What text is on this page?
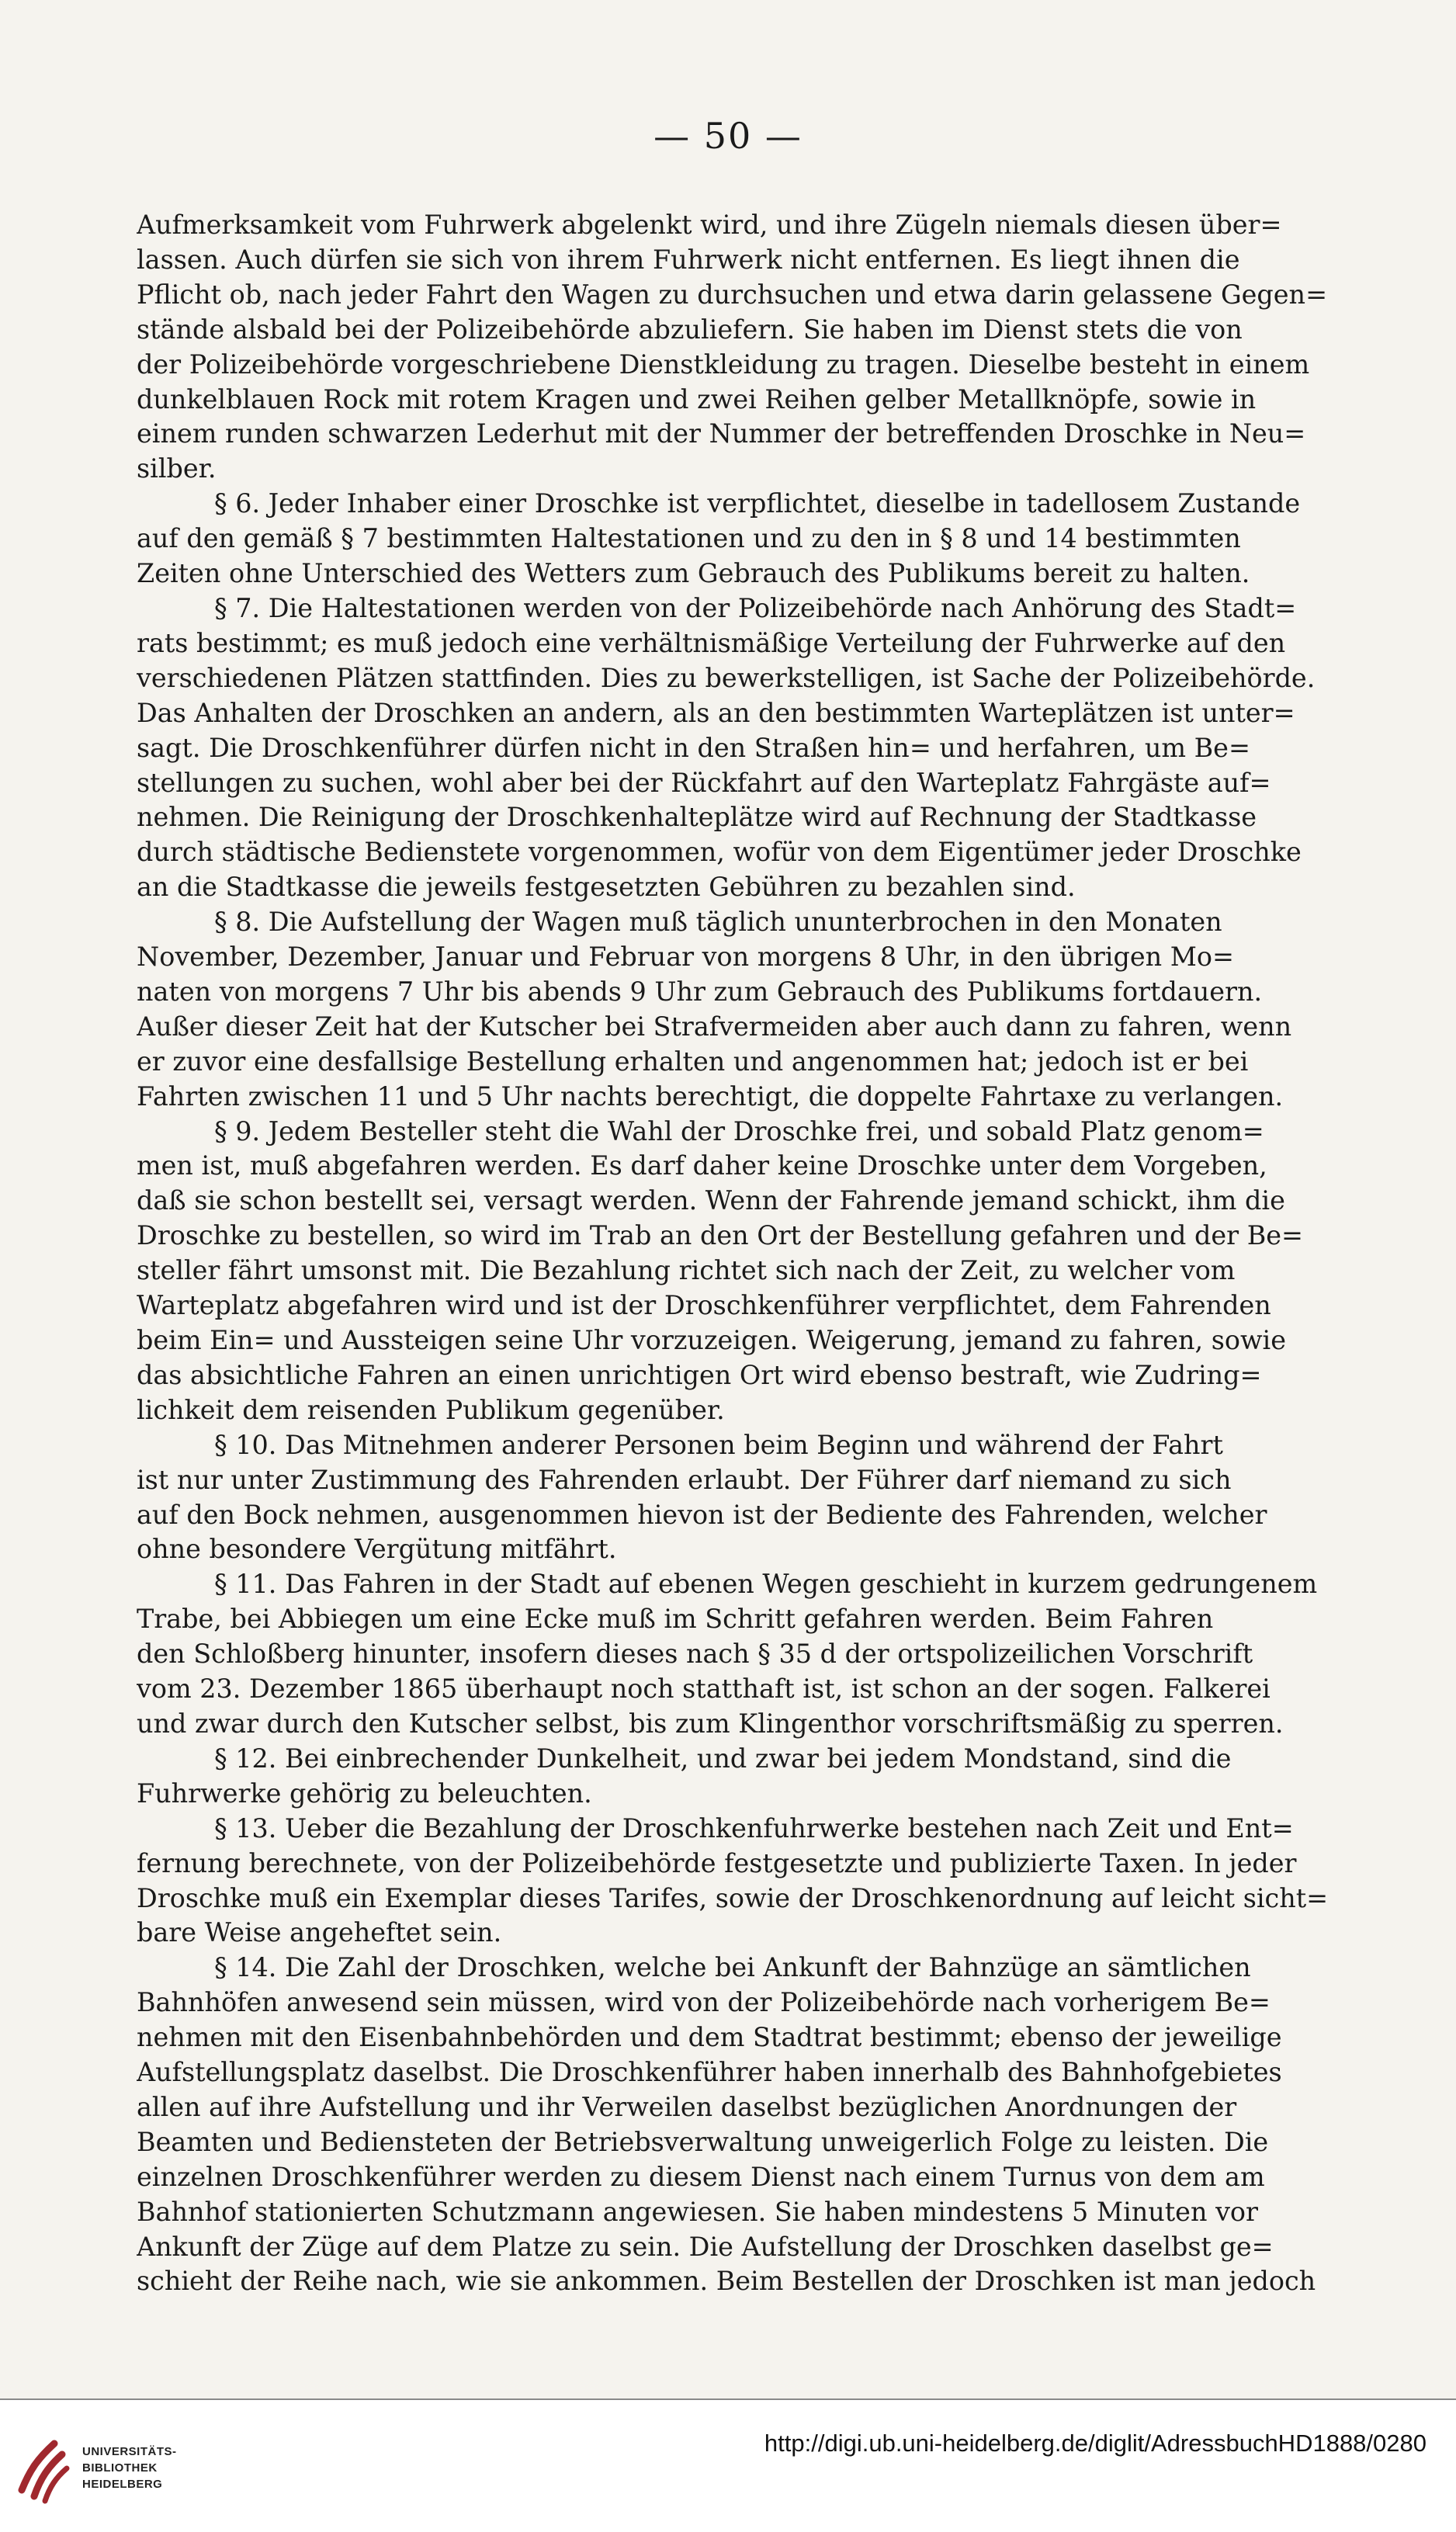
— 50 —
Aufmerksamkeit vom Fuhrwerk abgelenkt wird, und ihre Zügeln niemals diesen über=
lassen. Auch dürfen sie sich von ihrem Fuhrwerk nicht entfernen. Es liegt ihnen die
Pflicht ob, nach jeder Fahrt den Wagen zu durchsuchen und etwa darin gelassene Gegen=
stände alsbald bei der Polizeibehörde abzuliefern. Sie haben im Dienst stets die von
der Polizeibehörde vorgeschriebene Dienstkleidung zu tragen. Dieselbe besteht in einem
dunkelblauen Rock mit rotem Kragen und zwei Reihen gelber Metallknöpfe, sowie in
einem runden schwarzen Lederhut mit der Nummer der betreffenden Droschke in Neu=
silber.
§ 6. Jeder Inhaber einer Droschke ist verpflichtet, dieselbe in tadellosem Zustande
auf den gemäß § 7 bestimmten Haltestationen und zu den in § 8 und 14 bestimmten
Zeiten ohne Unterschied des Wetters zum Gebrauch des Publikums bereit zu halten.
§ 7. Die Haltestationen werden von der Polizeibehörde nach Anhörung des Stadt=
rats bestimmt; es muß jedoch eine verhältnismäßige Verteilung der Fuhrwerke auf den
verschiedenen Plätzen stattfinden. Dies zu bewerkstelligen, ist Sache der Polizeibehörde.
Das Anhalten der Droschken an andern, als an den bestimmten Warteplätzen ist unter=
sagt. Die Droschkenführer dürfen nicht in den Straßen hin= und herfahren, um Be=
stellungen zu suchen, wohl aber bei der Rückfahrt auf den Warteplatz Fahrgäste auf=
nehmen. Die Reinigung der Droschkenhalteplätze wird auf Rechnung der Stadtkasse
durch städtische Bedienstete vorgenommen, wofür von dem Eigentümer jeder Droschke
an die Stadtkasse die jeweils festgesetzten Gebühren zu bezahlen sind.
§ 8. Die Aufstellung der Wagen muß täglich ununterbrochen in den Monaten
November, Dezember, Januar und Februar von morgens 8 Uhr, in den übrigen Mo=
naten von morgens 7 Uhr bis abends 9 Uhr zum Gebrauch des Publikums fortdauern.
Außer dieser Zeit hat der Kutscher bei Strafvermeiden aber auch dann zu fahren, wenn
er zuvor eine desfallsige Bestellung erhalten und angenommen hat; jedoch ist er bei
Fahrten zwischen 11 und 5 Uhr nachts berechtigt, die doppelte Fahrtaxe zu verlangen.
§ 9. Jedem Besteller steht die Wahl der Droschke frei, und sobald Platz genom=
men ist, muß abgefahren werden. Es darf daher keine Droschke unter dem Vorgeben,
daß sie schon bestellt sei, versagt werden. Wenn der Fahrende jemand schickt, ihm die
Droschke zu bestellen, so wird im Trab an den Ort der Bestellung gefahren und der Be=
steller fährt umsonst mit. Die Bezahlung richtet sich nach der Zeit, zu welcher vom
Warteplatz abgefahren wird und ist der Droschkenführer verpflichtet, dem Fahrenden
beim Ein= und Aussteigen seine Uhr vorzuzeigen. Weigerung, jemand zu fahren, sowie
das absichtliche Fahren an einen unrichtigen Ort wird ebenso bestraft, wie Zudring=
lichkeit dem reisenden Publikum gegenüber.
§ 10. Das Mitnehmen anderer Personen beim Beginn und während der Fahrt
ist nur unter Zustimmung des Fahrenden erlaubt. Der Führer darf niemand zu sich
auf den Bock nehmen, ausgenommen hievon ist der Bediente des Fahrenden, welcher
ohne besondere Vergütung mitfährt.
§ 11. Das Fahren in der Stadt auf ebenen Wegen geschieht in kurzem gedrungenem
Trabe, bei Abbiegen um eine Ecke muß im Schritt gefahren werden. Beim Fahren
den Schloßberg hinunter, insofern dieses nach § 35 d der ortspolizeilichen Vorschrift
vom 23. Dezember 1865 überhaupt noch statthaft ist, ist schon an der sogen. Falkerei
und zwar durch den Kutscher selbst, bis zum Klingenthor vorschriftsmäßig zu sperren.
§ 12. Bei einbrechender Dunkelheit, und zwar bei jedem Mondstand, sind die
Fuhrwerke gehörig zu beleuchten.
§ 13. Ueber die Bezahlung der Droschkenfuhrwerke bestehen nach Zeit und Ent=
fernung berechnete, von der Polizeibehörde festgesetzte und publizierte Taxen. In jeder
Droschke muß ein Exemplar dieses Tarifes, sowie der Droschkenordnung auf leicht sicht=
bare Weise angeheftet sein.
§ 14. Die Zahl der Droschken, welche bei Ankunft der Bahnzüge an sämtlichen
Bahnhöfen anwesend sein müssen, wird von der Polizeibehörde nach vorherigem Be=
nehmen mit den Eisenbahnbehörden und dem Stadtrat bestimmt; ebenso der jeweilige
Aufstellungsplatz daselbst. Die Droschkenführer haben innerhalb des Bahnhofgebietes
allen auf ihre Aufstellung und ihr Verweilen daselbst bezüglichen Anordnungen der
Beamten und Bediensteten der Betriebsverwaltung unweigerlich Folge zu leisten. Die
einzelnen Droschkenführer werden zu diesem Dienst nach einem Turnus von dem am
Bahnhof stationierten Schutzmann angewiesen. Sie haben mindestens 5 Minuten vor
Ankunft der Züge auf dem Platze zu sein. Die Aufstellung der Droschken daselbst ge=
schieht der Reihe nach, wie sie ankommen. Beim Bestellen der Droschken ist man jedoch
UNIVERSITÄTS-
BIBLIOTHEK
HEIDELBERG
http://digi.ub.uni-heidelberg.de/diglit/AdressbuchHD1888/0280
